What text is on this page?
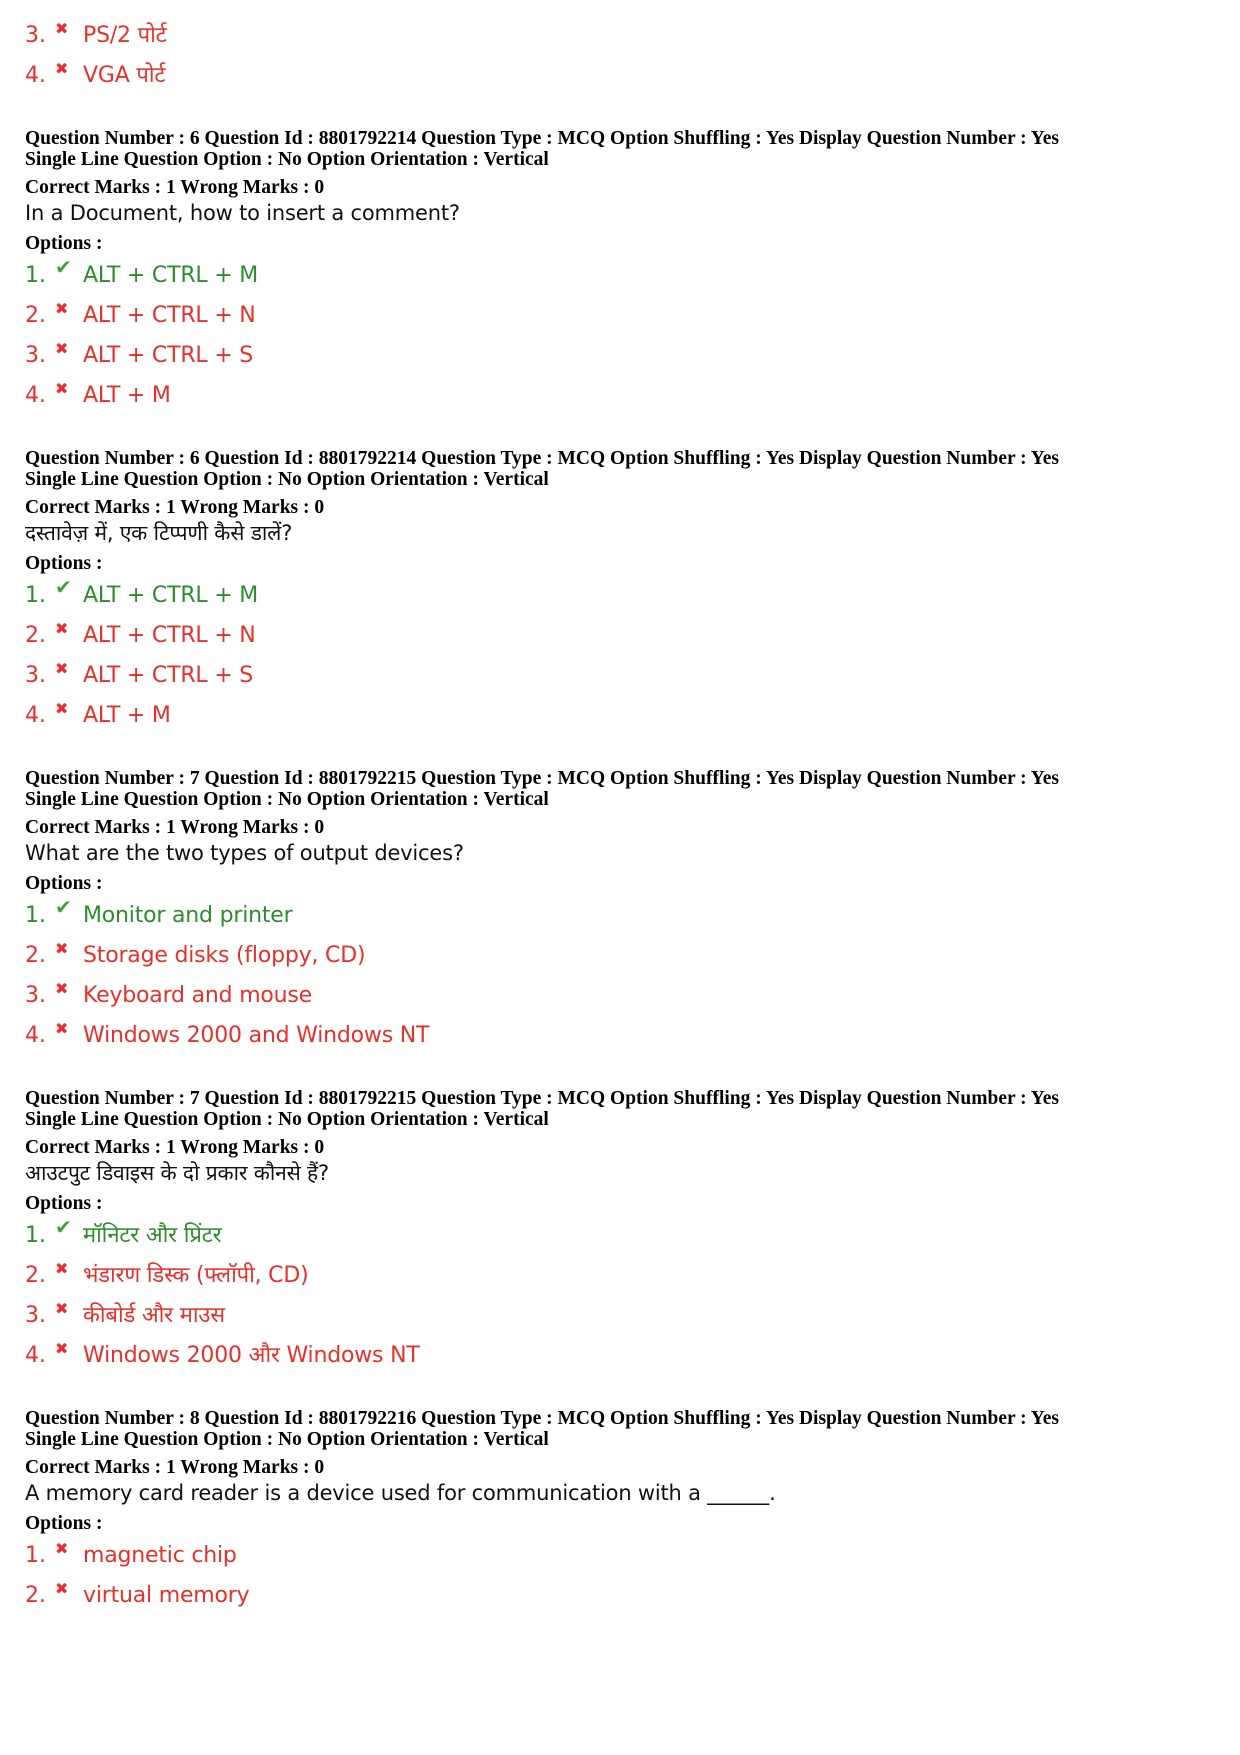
3. ✖ PS/2 पोर्ट
4. ✖ VGA पोर्ट
Question Number : 6 Question Id : 8801792214 Question Type : MCQ Option Shuffling : Yes Display Question Number : Yes
Single Line Question Option : No Option Orientation : Vertical
Correct Marks : 1 Wrong Marks : 0
In a Document, how to insert a comment?
Options :
1. ✔ ALT + CTRL + M
2. ✖ ALT + CTRL + N
3. ✖ ALT + CTRL + S
4. ✖ ALT + M
Question Number : 6 Question Id : 8801792214 Question Type : MCQ Option Shuffling : Yes Display Question Number : Yes
Single Line Question Option : No Option Orientation : Vertical
Correct Marks : 1 Wrong Marks : 0
दस्तावेज़ में, एक टिप्पणी कैसे डालें?
Options :
1. ✔ ALT + CTRL + M
2. ✖ ALT + CTRL + N
3. ✖ ALT + CTRL + S
4. ✖ ALT + M
Question Number : 7 Question Id : 8801792215 Question Type : MCQ Option Shuffling : Yes Display Question Number : Yes
Single Line Question Option : No Option Orientation : Vertical
Correct Marks : 1 Wrong Marks : 0
What are the two types of output devices?
Options :
1. ✔ Monitor and printer
2. ✖ Storage disks (floppy, CD)
3. ✖ Keyboard and mouse
4. ✖ Windows 2000 and Windows NT
Question Number : 7 Question Id : 8801792215 Question Type : MCQ Option Shuffling : Yes Display Question Number : Yes
Single Line Question Option : No Option Orientation : Vertical
Correct Marks : 1 Wrong Marks : 0
आउटपुट डिवाइस के दो प्रकार कौनसे हैं?
Options :
1. ✔ मॉनिटर और प्रिंटर
2. ✖ भंडारण डिस्क (फ्लॉपी, CD)
3. ✖ कीबोर्ड और माउस
4. ✖ Windows 2000 और Windows NT
Question Number : 8 Question Id : 8801792216 Question Type : MCQ Option Shuffling : Yes Display Question Number : Yes
Single Line Question Option : No Option Orientation : Vertical
Correct Marks : 1 Wrong Marks : 0
A memory card reader is a device used for communication with a ______.
Options :
1. ✖ magnetic chip
2. ✖ virtual memory
